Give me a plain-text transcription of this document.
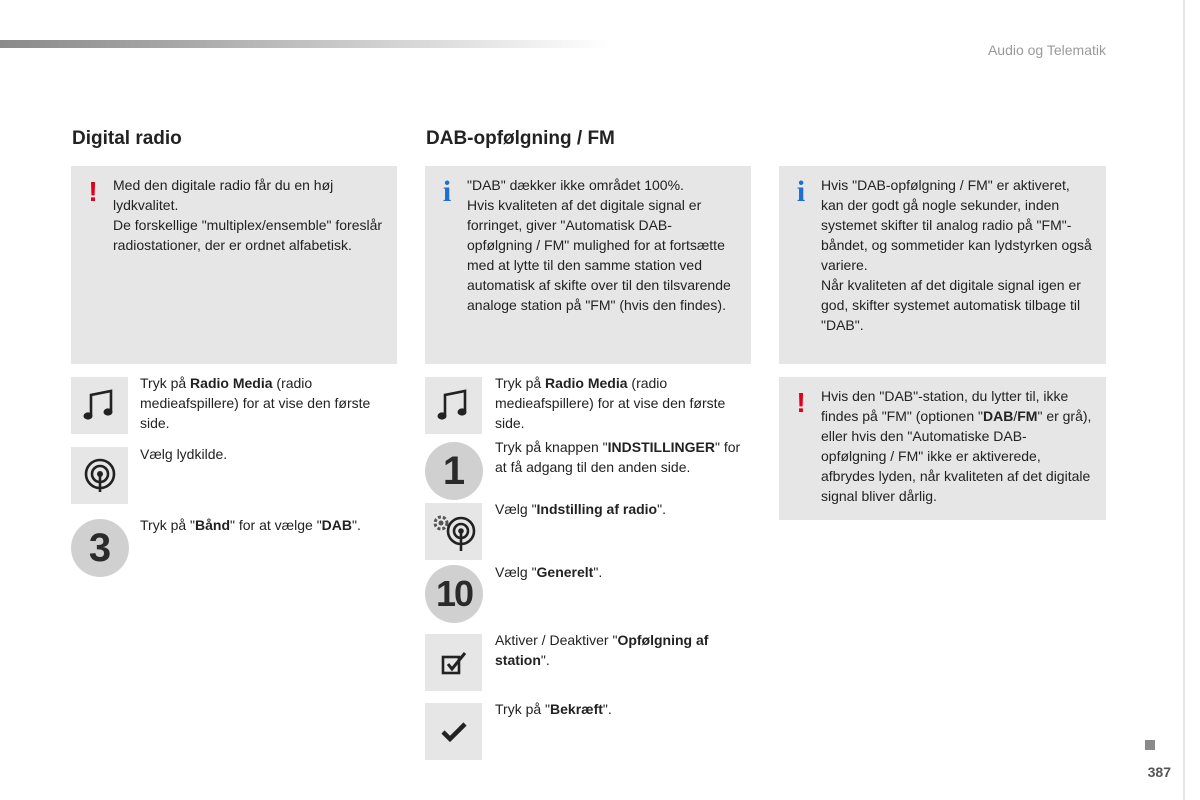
Audio og Telematik
Digital radio
! Med den digitale radio får du en høj lydkvalitet.
De forskellige "multiplex/ensemble" foreslår radiostationer, der er ordnet alfabetisk.
Tryk på Radio Media (radio medieafspillere) for at vise den første side.
Vælg lydkilde.
3
Tryk på "Bånd" for at vælge "DAB".
DAB-opfølgning / FM
i "DAB" dækker ikke området 100%.
Hvis kvaliteten af det digitale signal er forringet, giver "Automatisk DAB-opfølgning / FM" mulighed for at fortsætte med at lytte til den samme station ved automatisk af skifte over til den tilsvarende analoge station på "FM" (hvis den findes).
Tryk på Radio Media (radio medieafspillere) for at vise den første side.
1
Tryk på knappen "INDSTILLINGER" for at få adgang til den anden side.
Vælg "Indstilling af radio".
10
Vælg "Generelt".
Aktiver / Deaktiver "Opfølgning af station".
Tryk på "Bekræft".
i Hvis "DAB-opfølgning / FM" er aktiveret, kan der godt gå nogle sekunder, inden systemet skifter til analog radio på "FM"-båndet, og sommetider kan lydstyrken også variere.
Når kvaliteten af det digitale signal igen er god, skifter systemet automatisk tilbage til "DAB".
! Hvis den "DAB"-station, du lytter til, ikke findes på "FM" (optionen "DAB/FM" er grå), eller hvis den "Automatiske DAB-opfølgning / FM" ikke er aktiverede, afbrydes lyden, når kvaliteten af det digitale signal bliver dårlig.
387
